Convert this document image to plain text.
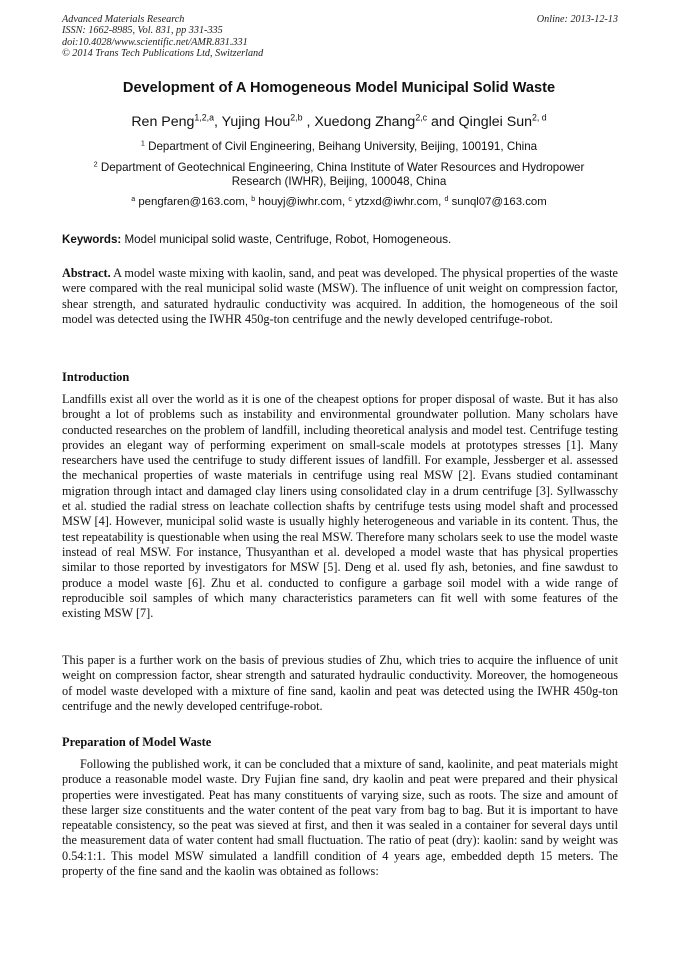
Advanced Materials Research
ISSN: 1662-8985, Vol. 831, pp 331-335
doi:10.4028/www.scientific.net/AMR.831.331
© 2014 Trans Tech Publications Ltd, Switzerland
Online: 2013-12-13
Development of A Homogeneous Model Municipal Solid Waste
Ren Peng$^{1,2,a}$, Yujing Hou$^{2,b}$ , Xuedong Zhang$^{2,c}$ and Qinglei Sun$^{2, d}$
$^1$ Department of Civil Engineering, Beihang University, Beijing, 100191, China
$^2$ Department of Geotechnical Engineering, China Institute of Water Resources and Hydropower
Research (IWHR), Beijing, 100048, China
$^a$ pengfaren@163.com, $^b$ houyj@iwhr.com, $^c$ ytzxd@iwhr.com, $^d$ sunql07@163.com
Keywords: Model municipal solid waste, Centrifuge, Robot, Homogeneous.
Abstract. A model waste mixing with kaolin, sand, and peat was developed. The physical properties of the waste were compared with the real municipal solid waste (MSW). The influence of unit weight on compression factor, shear strength, and saturated hydraulic conductivity was acquired. In addition, the homogeneous of the soil model was detected using the IWHR 450g-ton centrifuge and the newly developed centrifuge-robot.
Introduction
Landfills exist all over the world as it is one of the cheapest options for proper disposal of waste. But it has also brought a lot of problems such as instability and environmental groundwater pollution. Many scholars have conducted researches on the problem of landfill, including theoretical analysis and model test. Centrifuge testing provides an elegant way of performing experiment on small-scale models at prototypes stresses [1]. Many researchers have used the centrifuge to study different issues of landfill. For example, Jessberger et al. assessed the mechanical properties of waste materials in centrifuge using real MSW [2]. Evans studied contaminant migration through intact and damaged clay liners using consolidated clay in a drum centrifuge [3]. Syllwasschy et al. studied the radial stress on leachate collection shafts by centrifuge tests using model shaft and processed MSW [4]. However, municipal solid waste is usually highly heterogeneous and variable in its content. Thus, the test repeatability is questionable when using the real MSW. Therefore many scholars seek to use the model waste instead of real MSW. For instance, Thusyanthan et al. developed a model waste that has physical properties similar to those reported by investigators for MSW [5]. Deng et al. used fly ash, betonies, and fine sawdust to produce a model waste [6]. Zhu et al. conducted to configure a garbage soil model with a wide range of reproducible soil samples of which many characteristics parameters can fit well with some features of the existing MSW [7].
This paper is a further work on the basis of previous studies of Zhu, which tries to acquire the influence of unit weight on compression factor, shear strength and saturated hydraulic conductivity. Moreover, the homogeneous of model waste developed with a mixture of fine sand, kaolin and peat was detected using the IWHR 450g-ton centrifuge and the newly developed centrifuge-robot.
Preparation of Model Waste
Following the published work, it can be concluded that a mixture of sand, kaolinite, and peat materials might produce a reasonable model waste. Dry Fujian fine sand, dry kaolin and peat were prepared and their physical properties were investigated. Peat has many constituents of varying size, such as roots. The size and amount of these larger size constituents and the water content of the peat vary from bag to bag. But it is important to have repeatable consistency, so the peat was sieved at first, and then it was sealed in a container for several days until the measurement data of water content had small fluctuation. The ratio of peat (dry): kaolin: sand by weight was 0.54:1:1. This model MSW simulated a landfill condition of 4 years age, embedded depth 15 meters. The property of the fine sand and the kaolin was obtained as follows:
